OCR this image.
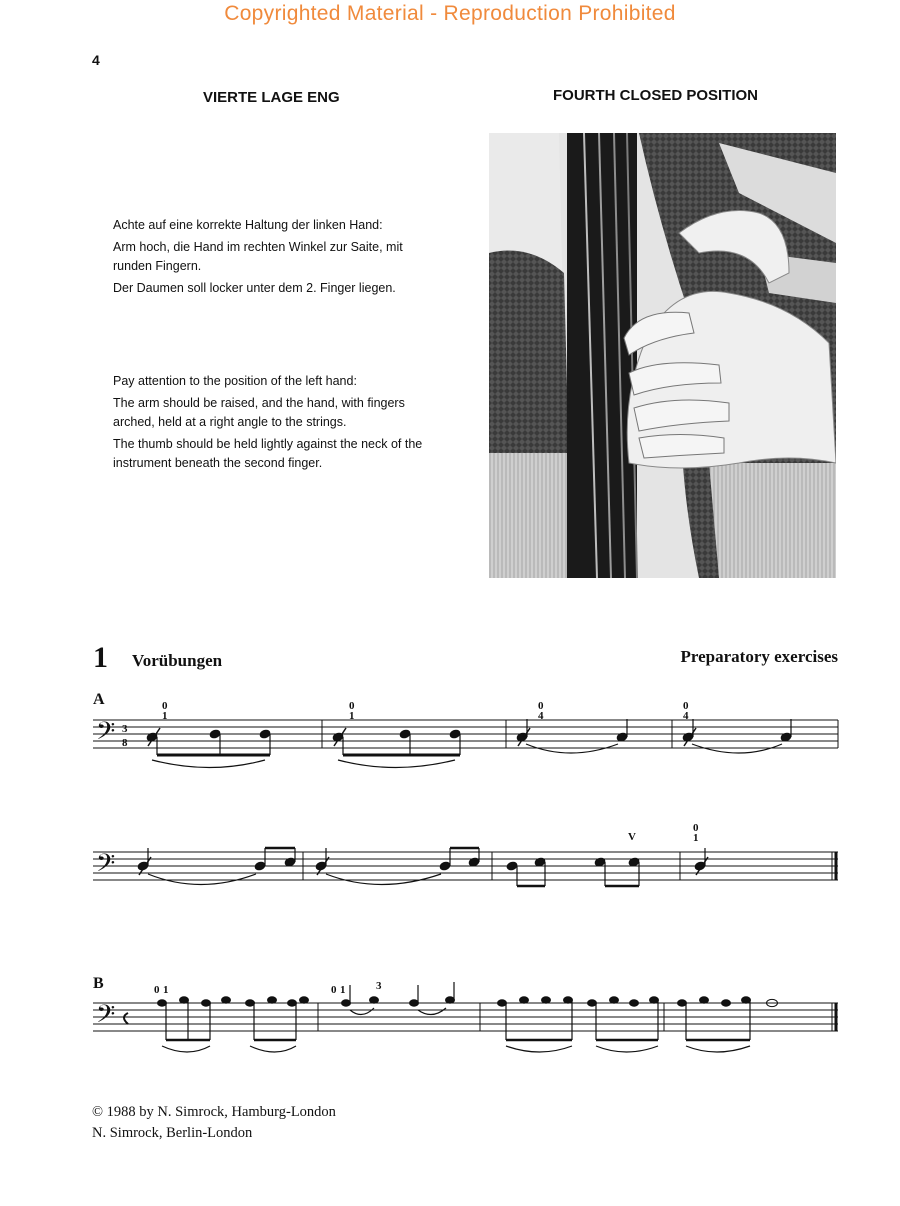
Copyrighted Material - Reproduction Prohibited
4
VIERTE LAGE ENG	FOURTH CLOSED POSITION

Achte auf eine korrekte Haltung der linken Hand:

Arm hoch, die Hand im rechten Winkel zur Saite, mit runden Fingern.

Der Daumen soll locker unter dem 2. Finger liegen.

Pay attention to the position of the left hand:

The arm should be raised, and the hand, with fingers arched, held at a right angle to the strings.

The thumb should be held lightly against the neck of the instrument beneath the second finger.

1 Vorübungen	Preparatory exercises
A
B
𝄢
𝄢
𝄢
3
8
0
1
0
1
0
4
0
4
0
1
0 1	0 1	3
V
© 1988 by N. Simrock, Hamburg-London
N. Simrock, Berlin-London
